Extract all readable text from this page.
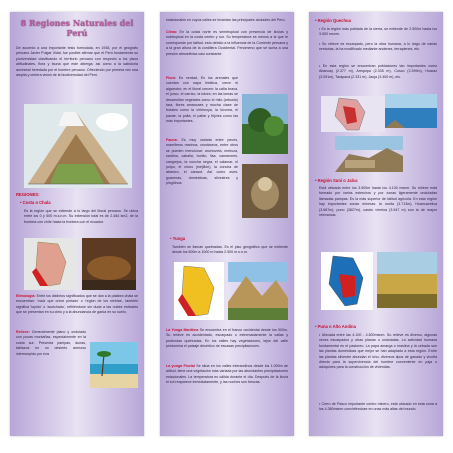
8 Regiones Naturales del Perú
De acuerdo a una importante tesis formulada, en 1938, por el geógrafo peruano Javier Pulgar Vidal, fue posible afirmar que el Perú fundamenta su pluriversidad clasificando el territorio peruano con respecto a los pisos altitudinales, flora y fauna que este alberga; así como a la sabiduría ancestral heredada por el hombre peruano. Ofreciendo por primera vez una amplia y certera visión de la biodiversidad del Perú.
REGIONES:
• Costa o Chala
Es la región que se extiende a lo largo del litoral peruano. Se ubica entre los 0 y 500 m.s.n.m. Su extensión total es de 2.484 km2, de la frontera con chile hasta la frontera con el ecuador.
Etimología: Entre los distintos significados que se dan a la palabra chala se encuentran: 'maíz que crece pintado' o 'región de los nieblas', también significa 'tupido' o 'acolchado', refiriéndose sin duda a las nubes estivales que se presentan en su cielo y a la abundancia de garúa en su suelo.
Relieve: Generalmente plano y ondulado con pocas montañas, especialmente en la costa sur. Presenta pampas, dunas, tablazos en un desierto arenoso interrumpido por ríos
estacionales en cuyos valles se levantan las principales ciudades del Perú.
Clima: En la costa norte es semitropical con presencia de lluvias y subtropical en la costa centro y sur. Su temperatura es menos a la que le corresponde por latitud, esto debido a la influencia de la Corriente peruana y a la gran altura de la cordillera Occidental. Fenómeno que se suma a una presión atmosférica casi constante.
Flora: En verdad, En los arenales que cuentan con napa freática, crece el algarrobo; en el litoral crecen: la caña brava, el junco, el carrizo, la totora; en las lomas se desarrollan vegetales como el mito (arbusto) tara, flores amancaes y mucha clase de frutales como la chirimoya, la lúcuma, el pacae, la palta, el pallar y frijoles como las más importantes.
Fauna: Es muy variada entre peces, mamíferos marinos, crustáceos, entre otros se pueden mencionar: anchoveta, merluza, sardina, caballa, bonito, lisa, camarones, cangrejos, la concha negra, el calamar, el pulpo, el choro (mejillón), la concha de abanico, el caracol. Así como aves: guaneras, domésticas, silvestres y pingüinos.
• Yunga
También se llaman quebradas. Es el piso geográfico que se extiende desde los 500m a 1000 m hasta 2.500 m.s.n.m.
La Yunga Marítima Se encuentra en el franco occidental desde los 500m. Su relieve es accidentado, escarpado o extremadamente la vallas y profundas quebradas. En los valles hay vegetaciones, lejos del valle predomina el paisaje desértico de escasas precipitaciones.
La yunga Fluvial Se sitúa en los valles interandinos desde los 1.000m de altitud, tiene una vegetación más variada por las abundantes precipitaciones estacionales. La temperatura es cálida durante el día. Después de la lluvia el sol reaparece inmediatamente, y las noches son frescas.
• Región Quechua
• Es la región más poblada de la sierra, se extiende de 2.500m hasta los 3.500 msnm.
• Su relieve es escarpado, pero la obra humana, a lo largo de varias centurias, la ha modificado mediante andenes, terraplenes, etc.
• En esta región se encuentran poblaciones tan importantes como Abancay (2.377 m), Arequipa (2.335 m), Cusco (3.399m), Huaraz (3.091m), Tarapacá (2.331 m), Jauja (3.400 m), etc.
• Región Suni o Jalca
Está ubicada entre los 3.500m hasta los 4.100 msnm. Su relieve está formado por varios estrechos y por zonas ligeramente onduladas llamadas pampas. Es la más superior de latitud agrícola. En esta región hay importantes zonas mineras: la oroíta (3.713m), Huancavelica (3.667m), puno (3827m), castro virreina (3.947 m) son la de mayor relevancia.
• Puna o Alto Andina
• Ubicada entre las 4.100 - 4.800msnm. Su relieve es diverso, algunas veces escarpados y otras planas u onduladas. La actividad humana fundamental es el pastoreo. La papa amarga o maslina y la cebada son las plantas domésticas que mejor se han adaptado a esta región. Entre las plantas silvestre abundan el ichu, diversos tipos de ganado y vicuña directo para la supervivencia del hombre conveniente en paja o adoquines para la construcción de viviendas.
• Cerro de Pasco importante centro minero, está ubicado en esta zona a los 4.380msnm convirtiéndose en unas más altas del mundo.
